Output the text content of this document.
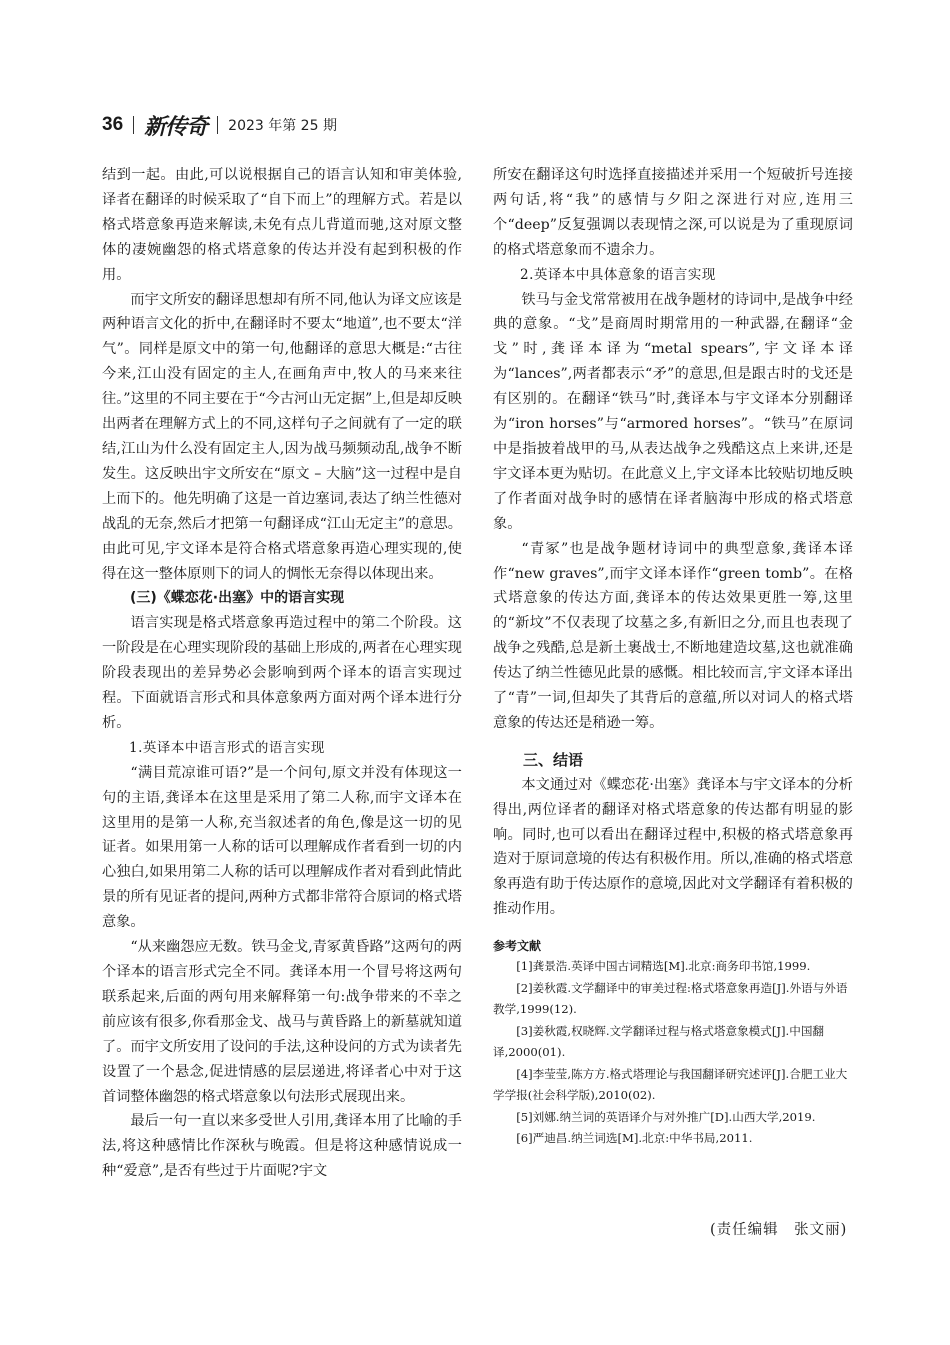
36 新传奇 2023 年第 25 期

结到一起。由此,可以说根据自己的语言认知和审美体验,译者在翻译的时候采取了“自下而上”的理解方式。若是以格式塔意象再造来解读,未免有点儿背道而驰,这对原文整体的凄婉幽怨的格式塔意象的传达并没有起到积极的作用。

而宇文所安的翻译思想却有所不同,他认为译文应该是两种语言文化的折中,在翻译时不要太“地道”,也不要太“洋气”。同样是原文中的第一句,他翻译的意思大概是:“古往今来,江山没有固定的主人,在画角声中,牧人的马来来往往。”这里的不同主要在于“今古河山无定据”上,但是却反映出两者在理解方式上的不同,这样句子之间就有了一定的联结,江山为什么没有固定主人,因为战马频频动乱,战争不断发生。这反映出宇文所安在“原文 – 大脑”这一过程中是自上而下的。他先明确了这是一首边塞词,表达了纳兰性德对战乱的无奈,然后才把第一句翻译成“江山无定主”的意思。由此可见,宇文译本是符合格式塔意象再造心理实现的,使得在这一整体原则下的词人的惆怅无奈得以体现出来。

(三)《蝶恋花·出塞》中的语言实现

语言实现是格式塔意象再造过程中的第二个阶段。这一阶段是在心理实现阶段的基础上形成的,两者在心理实现阶段表现出的差异势必会影响到两个译本的语言实现过程。下面就语言形式和具体意象两方面对两个译本进行分析。

1.英译本中语言形式的语言实现

“满目荒凉谁可语?”是一个问句,原文并没有体现这一句的主语,龚译本在这里是采用了第二人称,而宇文译本在这里用的是第一人称,充当叙述者的角色,像是这一切的见证者。如果用第一人称的话可以理解成作者看到一切的内心独白,如果用第二人称的话可以理解成作者对看到此情此景的所有见证者的提问,两种方式都非常符合原词的格式塔意象。

“从来幽怨应无数。铁马金戈,青冢黄昏路”这两句的两个译本的语言形式完全不同。龚译本用一个冒号将这两句联系起来,后面的两句用来解释第一句:战争带来的不幸之前应该有很多,你看那金戈、战马与黄昏路上的新墓就知道了。而宇文所安用了设问的手法,这种设问的方式为读者先设置了一个悬念,促进情感的层层递进,将译者心中对于这首词整体幽怨的格式塔意象以句法形式展现出来。

最后一句一直以来多受世人引用,龚译本用了比喻的手法,将这种感情比作深秋与晚霞。但是将这种感情说成一种“爱意”,是否有些过于片面呢?宇文

所安在翻译这句时选择直接描述并采用一个短破折号连接两句话,将“我”的感情与夕阳之深进行对应,连用三个“deep”反复强调以表现情之深,可以说是为了重现原词的格式塔意象而不遗余力。

2.英译本中具体意象的语言实现

铁马与金戈常常被用在战争题材的诗词中,是战争中经典的意象。“戈”是商周时期常用的一种武器,在翻译“金戈”时,龚译本译为“metal spears”,宇文译本译为“lances”,两者都表示“矛”的意思,但是跟古时的戈还是有区别的。在翻译“铁马”时,龚译本与宇文译本分别翻译为“iron horses”与“armored horses”。“铁马”在原词中是指披着战甲的马,从表达战争之残酷这点上来讲,还是宇文译本更为贴切。在此意义上,宇文译本比较贴切地反映了作者面对战争时的感情在译者脑海中形成的格式塔意象。

“青冢”也是战争题材诗词中的典型意象,龚译本译作“new graves”,而宇文译本译作“green tomb”。在格式塔意象的传达方面,龚译本的传达效果更胜一筹,这里的“新坟”不仅表现了坟墓之多,有新旧之分,而且也表现了战争之残酷,总是新土裹战士,不断地建造坟墓,这也就准确传达了纳兰性德见此景的感慨。相比较而言,宇文译本译出了“青”一词,但却失了其背后的意蕴,所以对词人的格式塔意象的传达还是稍逊一筹。

三、结语

本文通过对《蝶恋花·出塞》龚译本与宇文译本的分析得出,两位译者的翻译对格式塔意象的传达都有明显的影响。同时,也可以看出在翻译过程中,积极的格式塔意象再造对于原词意境的传达有积极作用。所以,准确的格式塔意象再造有助于传达原作的意境,因此对文学翻译有着积极的推动作用。

参考文献

[1]龚景浩.英译中国古词精选[M].北京:商务印书馆,1999.

[2]姜秋霞.文学翻译中的审美过程:格式塔意象再造[J].外语与外语教学,1999(12).

[3]姜秋霞,权晓辉.文学翻译过程与格式塔意象模式[J].中国翻译,2000(01).

[4]李莹莹,陈方方.格式塔理论与我国翻译研究述评[J].合肥工业大学学报(社会科学版),2010(02).

[5]刘娜.纳兰词的英语译介与对外推广[D].山西大学,2019.

[6]严迪昌.纳兰词选[M].北京:中华书局,2011.

(责任编辑　张文丽)
